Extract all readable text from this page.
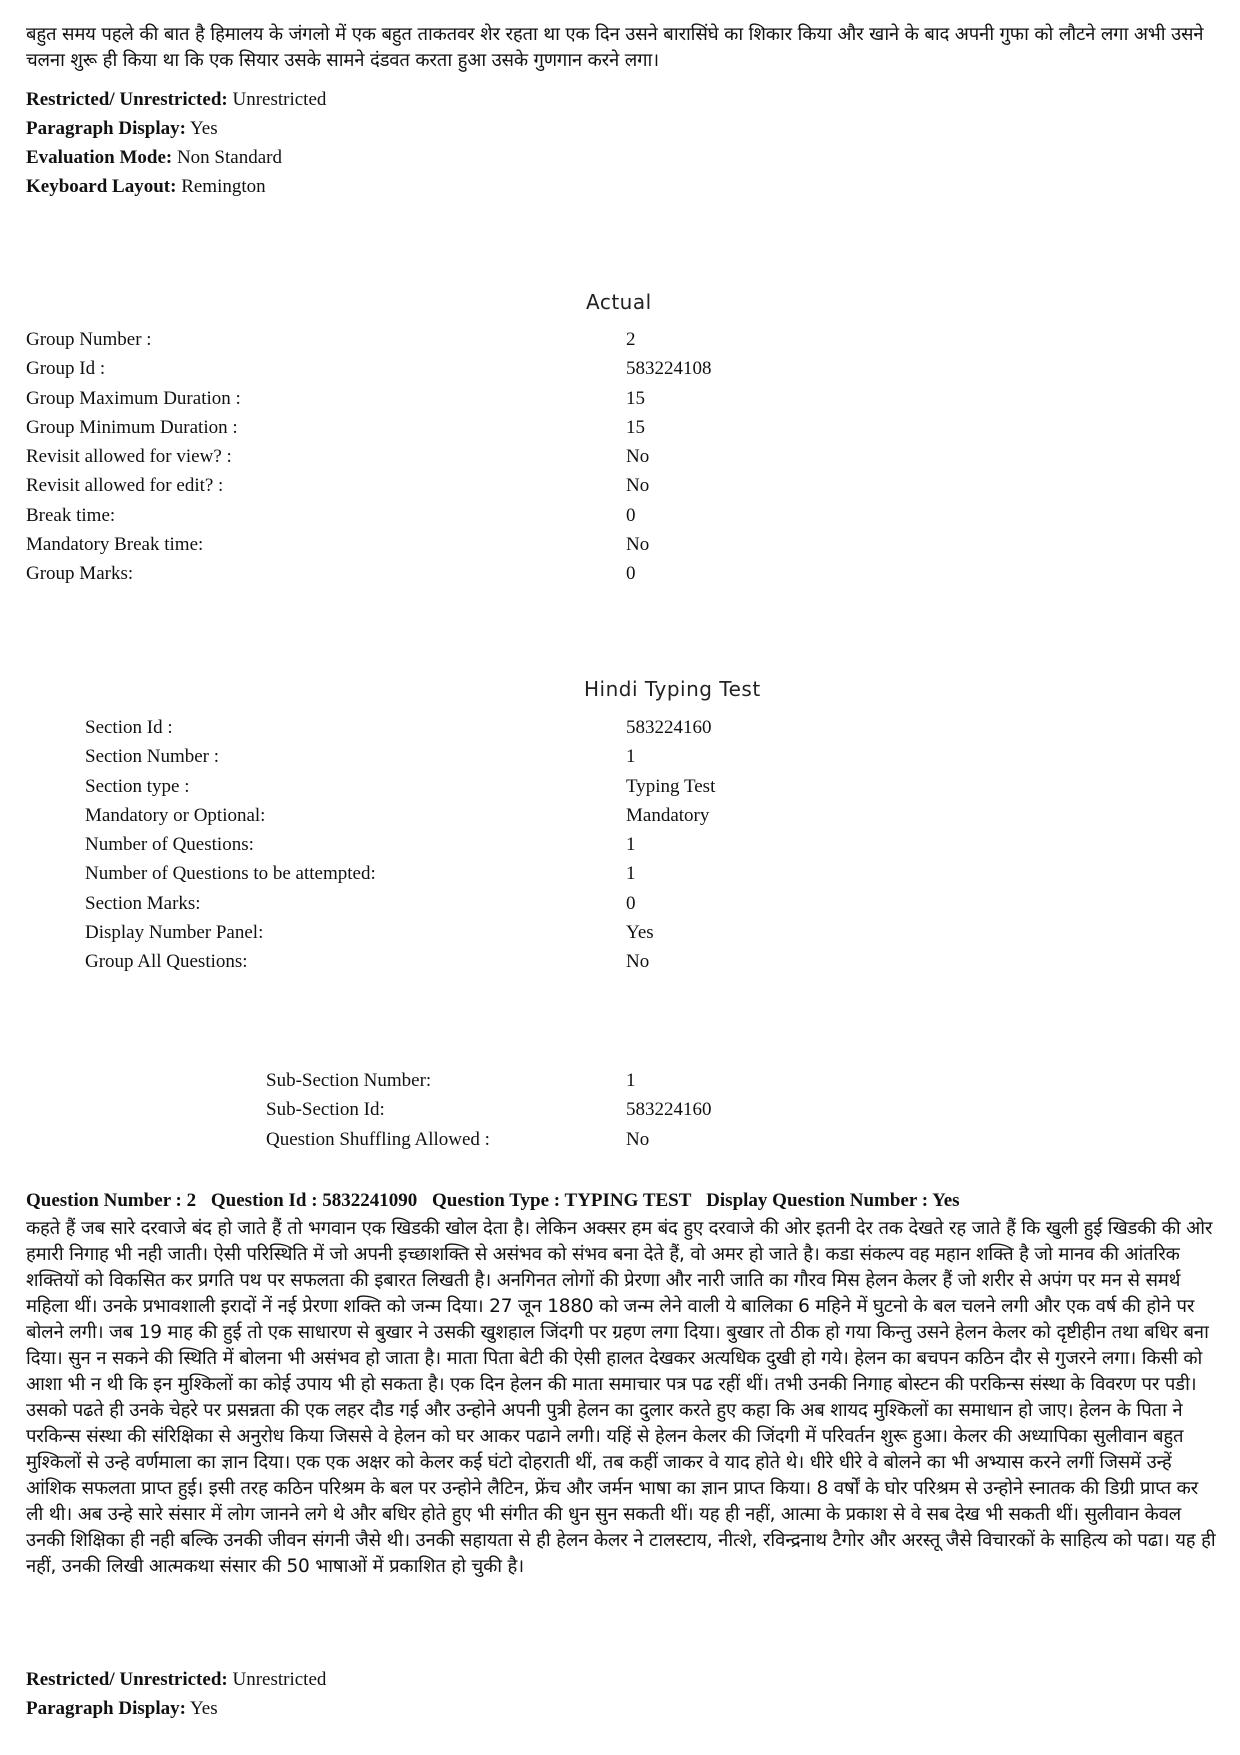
बहुत समय पहले की बात है हिमालय के जंगलो में एक बहुत ताकतवर शेर रहता था एक दिन उसने बारासिंघे का शिकार किया और खाने के बाद अपनी गुफा को लौटने लगा अभी उसने चलना शुरू ही किया था कि एक सियार उसके सामने दंडवत करता हुआ उसके गुणगान करने लगा।

Restricted/ Unrestricted: Unrestricted
Paragraph Display: Yes
Evaluation Mode: Non Standard
Keyboard Layout: Remington
Actual
Group Number :	2
Group Id :	583224108
Group Maximum Duration :	15
Group Minimum Duration :	15
Revisit allowed for view? :	No
Revisit allowed for edit? :	No
Break time:	0
Mandatory Break time:	No
Group Marks:	0
Hindi Typing Test
Section Id :	583224160
Section Number :	1
Section type :	Typing Test
Mandatory or Optional:	Mandatory
Number of Questions:	1
Number of Questions to be attempted:	1
Section Marks:	0
Display Number Panel:	Yes
Group All Questions:	No
Sub-Section Number:	1
Sub-Section Id:	583224160
Question Shuffling Allowed :	No
Question Number : 2 Question Id : 5832241090 Question Type : TYPING TEST Display Question Number : Yes

कहते हैं जब सारे दरवाजे बंद हो जाते हैं तो भगवान एक खिडकी खोल देता है। लेकिन अक्सर हम बंद हुए दरवाजे की ओर इतनी देर तक देखते रह जाते हैं कि खुली हुई खिडकी की ओर हमारी निगाह भी नही जाती। ऐसी परिस्थिति में जो अपनी इच्छाशक्ति से असंभव को संभव बना देते हैं, वो अमर हो जाते है। कडा संकल्प वह महान शक्ति है जो मानव की आंतरिक शक्तियों को विकसित कर प्रगति पथ पर सफलता की इबारत लिखती है। अनगिनत लोगों की प्रेरणा और नारी जाति का गौरव मिस हेलन केलर हैं जो शरीर से अपंग पर मन से समर्थ महिला थीं। उनके प्रभावशाली इरादों नें नई प्रेरणा शक्ति को जन्म दिया। 27 जून 1880 को जन्म लेने वाली ये बालिका 6 महिने में घुटनो के बल चलने लगी और एक वर्ष की होने पर बोलने लगी। जब 19 माह की हुई तो एक साधारण से बुखार ने उसकी खुशहाल जिंदगी पर ग्रहण लगा दिया। बुखार तो ठीक हो गया किन्तु उसने हेलन केलर को दृष्टीहीन तथा बधिर बना दिया। सुन न सकने की स्थिति में बोलना भी असंभव हो जाता है। माता पिता बेटी की ऐसी हालत देखकर अत्यधिक दुखी हो गये। हेलन का बचपन कठिन दौर से गुजरने लगा। किसी को आशा भी न थी कि इन मुश्किलों का कोई उपाय भी हो सकता है। एक दिन हेलन की माता समाचार पत्र पढ रहीं थीं। तभी उनकी निगाह बोस्टन की परकिन्स संस्था के विवरण पर पडी। उसको पढते ही उनके चेहरे पर प्रसन्नता की एक लहर दौड गई और उन्होने अपनी पुत्री हेलन का दुलार करते हुए कहा कि अब शायद मुश्किलों का समाधान हो जाए। हेलन के पिता ने परकिन्स संस्था की संरिक्षिका से अनुरोध किया जिससे वे हेलन को घर आकर पढाने लगी। यहिं से हेलन केलर की जिंदगी में परिवर्तन शुरू हुआ। केलर की अध्यापिका सुलीवान बहुत मुश्किलों से उन्हे वर्णमाला का ज्ञान दिया। एक एक अक्षर को केलर कई घंटो दोहराती थीं, तब कहीं जाकर वे याद होते थे। धीरे धीरे वे बोलने का भी अभ्यास करने लगीं जिसमें उन्हें आंशिक सफलता प्राप्त हुई। इसी तरह कठिन परिश्रम के बल पर उन्होने लैटिन, फ्रेंच और जर्मन भाषा का ज्ञान प्राप्त किया। 8 वर्षों के घोर परिश्रम से उन्होने स्नातक की डिग्री प्राप्त कर ली थी। अब उन्हे सारे संसार में लोग जानने लगे थे और बधिर होते हुए भी संगीत की धुन सुन सकती थीं। यह ही नहीं, आत्मा के प्रकाश से वे सब देख भी सकती थीं। सुलीवान केवल उनकी शिक्षिका ही नही बल्कि उनकी जीवन संगनी जैसे थी। उनकी सहायता से ही हेलन केलर ने टालस्टाय, नीत्शे, रविन्द्रनाथ टैगोर और अरस्तू जैसे विचारकों के साहित्य को पढा। यह ही नहीं, उनकी लिखी आत्मकथा संसार की 50 भाषाओं में प्रकाशित हो चुकी है।

Restricted/ Unrestricted: Unrestricted
Paragraph Display: Yes
